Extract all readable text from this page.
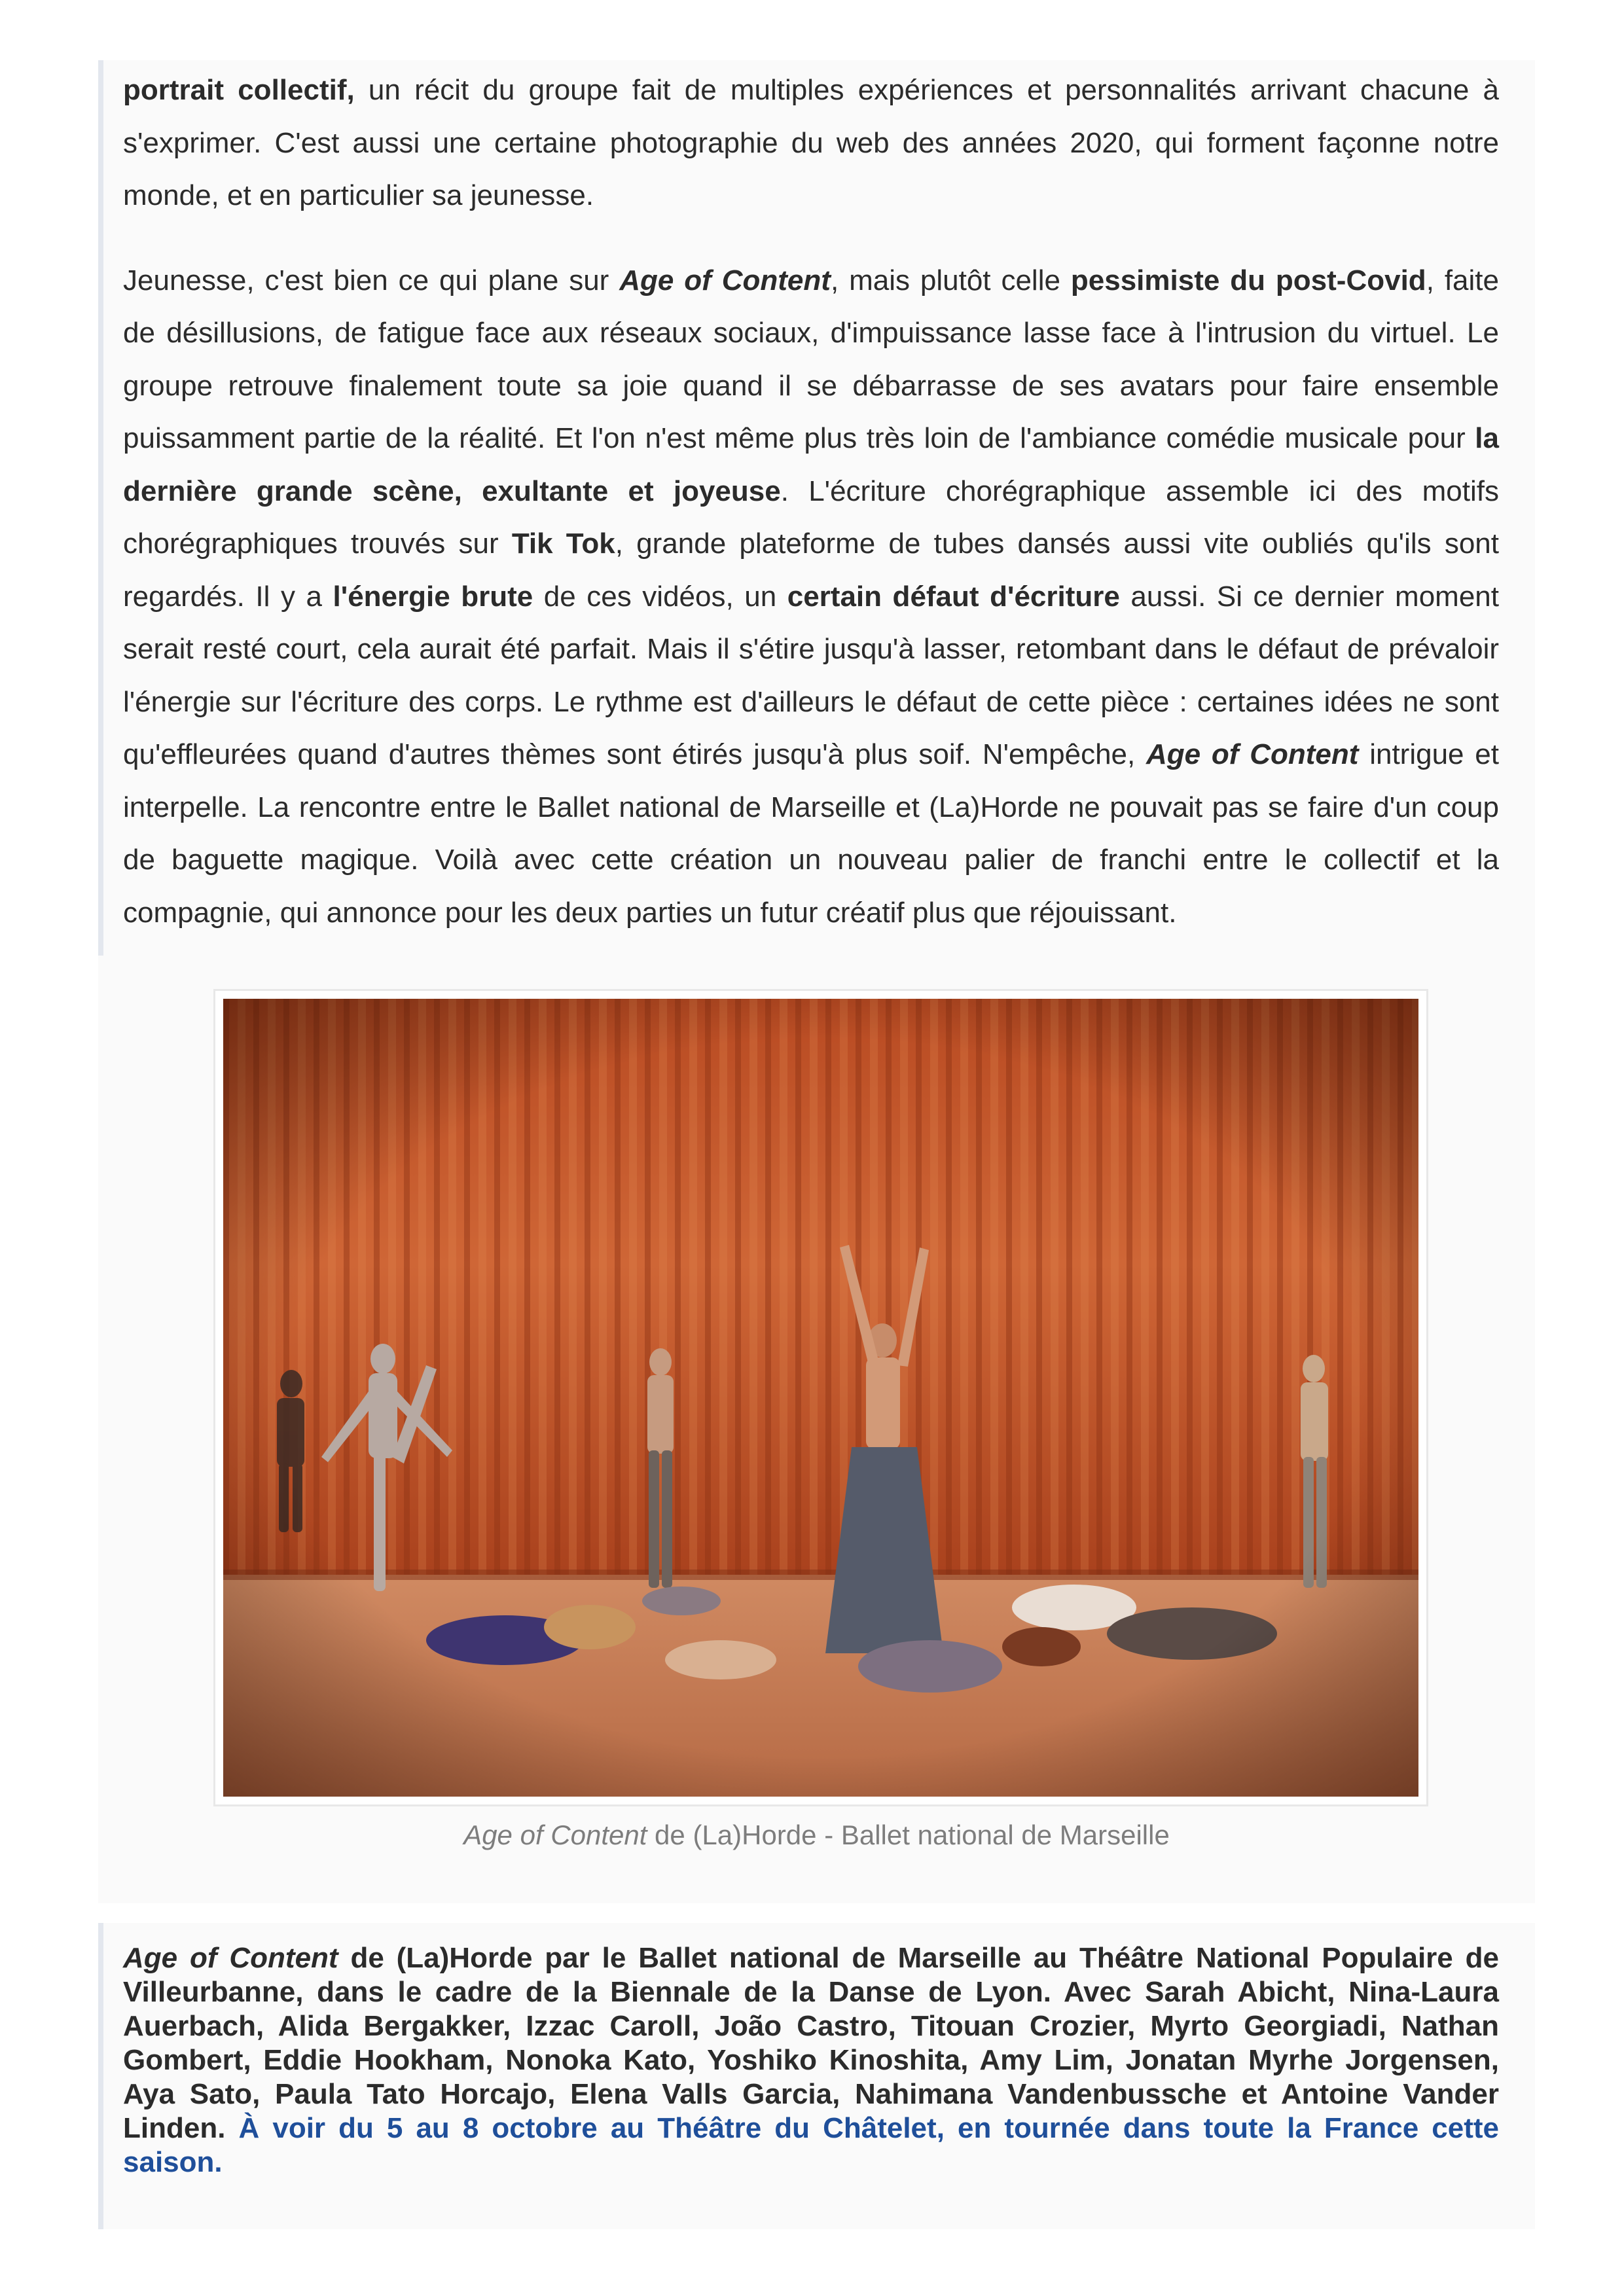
portrait collectif, un récit du groupe fait de multiples expériences et personnalités arrivant chacune à s'exprimer. C'est aussi une certaine photographie du web des années 2020, qui forment façonne notre monde, et en particulier sa jeunesse.

Jeunesse, c'est bien ce qui plane sur Age of Content, mais plutôt celle pessimiste du post-Covid, faite de désillusions, de fatigue face aux réseaux sociaux, d'impuissance lasse face à l'intrusion du virtuel. Le groupe retrouve finalement toute sa joie quand il se débarrasse de ses avatars pour faire ensemble puissamment partie de la réalité. Et l'on n'est même plus très loin de l'ambiance comédie musicale pour la dernière grande scène, exultante et joyeuse. L'écriture chorégraphique assemble ici des motifs chorégraphiques trouvés sur Tik Tok, grande plateforme de tubes dansés aussi vite oubliés qu'ils sont regardés. Il y a l'énergie brute de ces vidéos, un certain défaut d'écriture aussi. Si ce dernier moment serait resté court, cela aurait été parfait. Mais il s'étire jusqu'à lasser, retombant dans le défaut de prévaloir l'énergie sur l'écriture des corps. Le rythme est d'ailleurs le défaut de cette pièce : certaines idées ne sont qu'effleurées quand d'autres thèmes sont étirés jusqu'à plus soif. N'empêche, Age of Content intrigue et interpelle. La rencontre entre le Ballet national de Marseille et (La)Horde ne pouvait pas se faire d'un coup de baguette magique. Voilà avec cette création un nouveau palier de franchi entre le collectif et la compagnie, qui annonce pour les deux parties un futur créatif plus que réjouissant.

Age of Content de (La)Horde - Ballet national de Marseille

Age of Content de (La)Horde par le Ballet national de Marseille au Théâtre National Populaire de Villeurbanne, dans le cadre de la Biennale de la Danse de Lyon. Avec Sarah Abicht, Nina-Laura Auerbach, Alida Bergakker, Izzac Caroll, João Castro, Titouan Crozier, Myrto Georgiadi, Nathan Gombert, Eddie Hookham, Nonoka Kato, Yoshiko Kinoshita, Amy Lim, Jonatan Myrhe Jorgensen, Aya Sato, Paula Tato Horcajo, Elena Valls Garcia, Nahimana Vandenbussche et Antoine Vander Linden. À voir du 5 au 8 octobre au Théâtre du Châtelet, en tournée dans toute la France cette saison.
